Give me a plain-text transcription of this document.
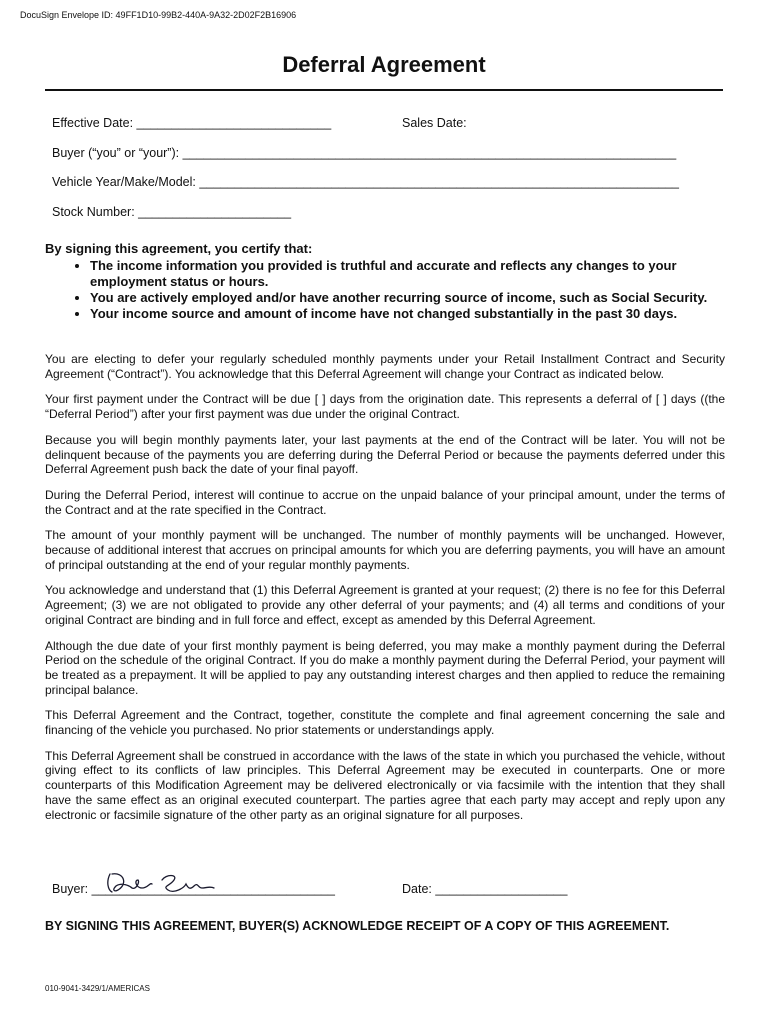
DocuSign Envelope ID: 49FF1D10-99B2-440A-9A32-2D02F2B16906
Deferral Agreement
Effective Date: ____________________________	Sales Date:
Buyer (“you” or “your”): _______________________________________________________________________
Vehicle Year/Make/Model: _____________________________________________________________________
Stock Number: ______________________
By signing this agreement, you certify that:
• The income information you provided is truthful and accurate and reflects any changes to your employment status or hours.
• You are actively employed and/or have another recurring source of income, such as Social Security.
• Your income source and amount of income have not changed substantially in the past 30 days.

You are electing to defer your regularly scheduled monthly payments under your Retail Installment Contract and Security Agreement (“Contract”). You acknowledge that this Deferral Agreement will change your Contract as indicated below.

Your first payment under the Contract will be due [ ] days from the origination date. This represents a deferral of [ ] days ((the “Deferral Period”) after your first payment was due under the original Contract.

Because you will begin monthly payments later, your last payments at the end of the Contract will be later. You will not be delinquent because of the payments you are deferring during the Deferral Period or because the payments deferred under this Deferral Agreement push back the date of your final payoff.

During the Deferral Period, interest will continue to accrue on the unpaid balance of your principal amount, under the terms of the Contract and at the rate specified in the Contract.

The amount of your monthly payment will be unchanged. The number of monthly payments will be unchanged. However, because of additional interest that accrues on principal amounts for which you are deferring payments, you will have an amount of principal outstanding at the end of your regular monthly payments.

You acknowledge and understand that (1) this Deferral Agreement is granted at your request; (2) there is no fee for this Deferral Agreement; (3) we are not obligated to provide any other deferral of your payments; and (4) all terms and conditions of your original Contract are binding and in full force and effect, except as amended by this Deferral Agreement.

Although the due date of your first monthly payment is being deferred, you may make a monthly payment during the Deferral Period on the schedule of the original Contract. If you do make a monthly payment during the Deferral Period, your payment will be treated as a prepayment. It will be applied to pay any outstanding interest charges and then applied to reduce the remaining principal balance.

This Deferral Agreement and the Contract, together, constitute the complete and final agreement concerning the sale and financing of the vehicle you purchased. No prior statements or understandings apply.

This Deferral Agreement shall be construed in accordance with the laws of the state in which you purchased the vehicle, without giving effect to its conflicts of law principles. This Deferral Agreement may be executed in counterparts. One or more counterparts of this Modification Agreement may be delivered electronically or via facsimile with the intention that they shall have the same effect as an original executed counterpart. The parties agree that each party may accept and reply upon any electronic or facsimile signature of the other party as an original signature for all purposes.

Buyer: ___________________________________	Date: ___________________
BY SIGNING THIS AGREEMENT, BUYER(S) ACKNOWLEDGE RECEIPT OF A COPY OF THIS AGREEMENT.
010-9041-3429/1/AMERICAS
